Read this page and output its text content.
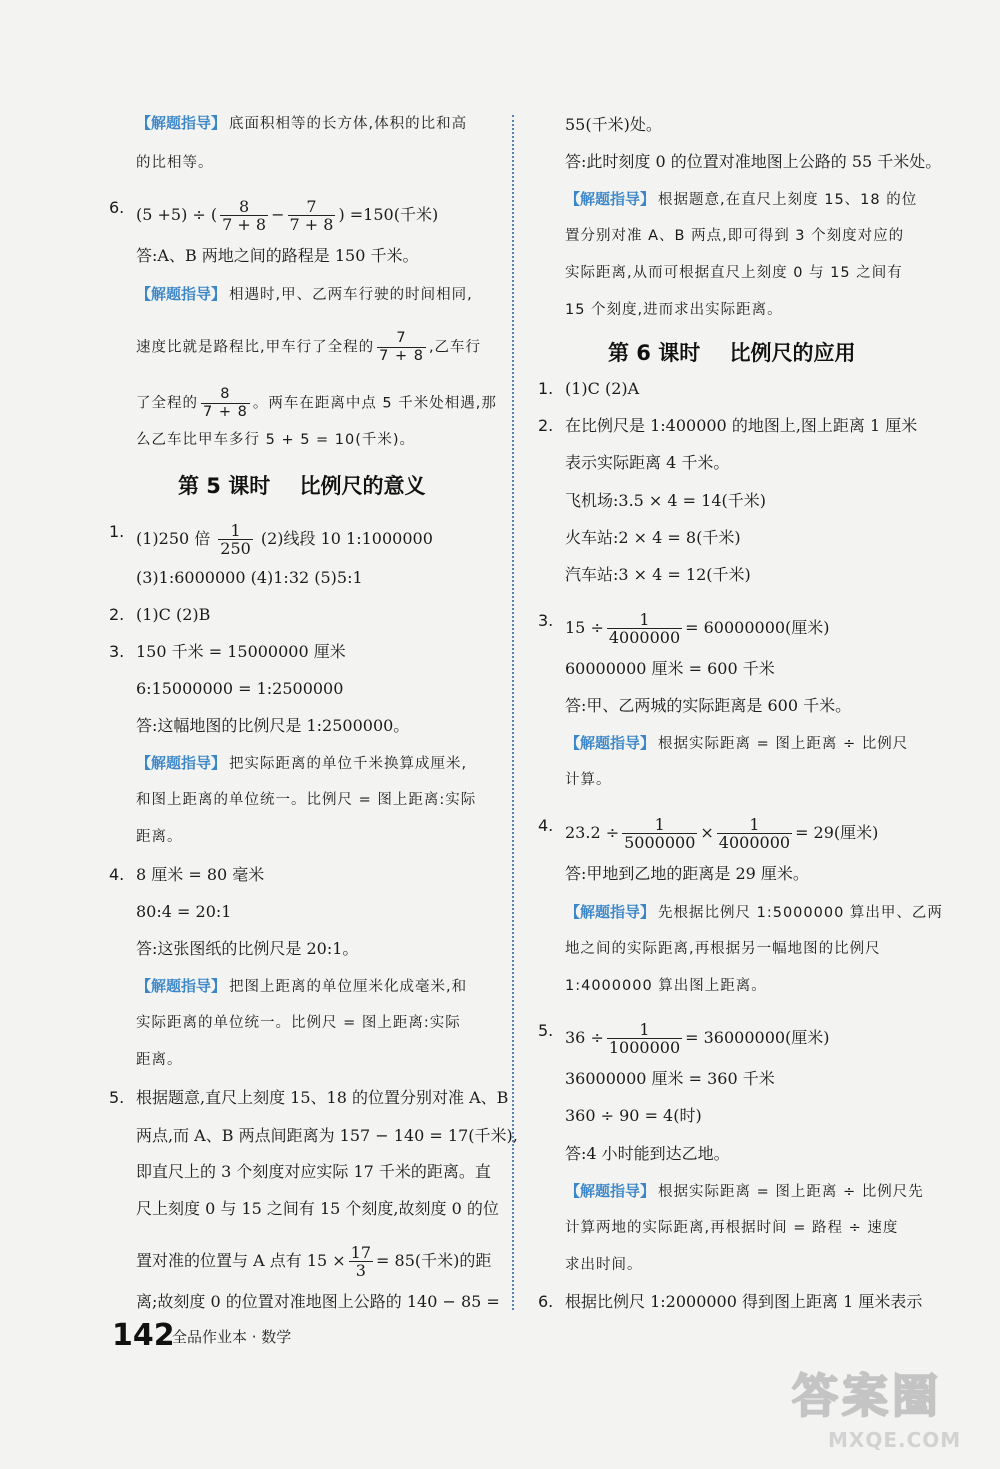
【解题指导】 底面积相等的长方体,体积的比和高
的比相等。
6. (5 +5) ÷ ( $\frac{8}{7 + 8} - \frac{7}{7 + 8}$ ) =150(千米)
答:A、B 两地之间的路程是 150 千米。
【解题指导】 相遇时,甲、乙两车行驶的时间相同,
速度比就是路程比,甲车行了全程的 $\frac{7}{7 + 8}$ ,乙车行
了全程的 $\frac{8}{7 + 8}$ 。两车在距离中点 5 千米处相遇,那
么乙车比甲车多行 5 + 5 = 10(千米)。
第 5 课时    比例尺的意义
1. (1)250 倍 $\frac{1}{250} (2)$线段 10 1:1000000
(3)1:6000000 (4)1:32 (5)5:1
2. (1)C (2)B
3. 150 千米 = 15000000 厘米
6:15000000 = 1:2500000
答:这幅地图的比例尺是 1:2500000。
【解题指导】 把实际距离的单位千米换算成厘米,
和图上距离的单位统一。比例尺 = 图上距离:实际
距离。
4. 8 厘米 = 80 毫米
80:4 = 20:1
答:这张图纸的比例尺是 20:1。
【解题指导】 把图上距离的单位厘米化成毫米,和
实际距离的单位统一。比例尺 = 图上距离:实际
距离。
5. 根据题意,直尺上刻度 15、18 的位置分别对准 A、B
两点,而 A、B 两点间距离为 157 − 140 = 17(千米),
即直尺上的 3 个刻度对应实际 17 千米的距离。直
尺上刻度 0 与 15 之间有 15 个刻度,故刻度 0 的位
置对准的位置与 A 点有 $15 \times \frac{17}{3} = 85$(千米)的距
离;故刻度 0 的位置对准地图上公路的 140 − 85 =
55(千米)处。
答:此时刻度 0 的位置对准地图上公路的 55 千米处。
【解题指导】 根据题意,在直尺上刻度 15、18 的位
置分别对准 A、B 两点,即可得到 3 个刻度对应的
实际距离,从而可根据直尺上刻度 0 与 15 之间有
15 个刻度,进而求出实际距离。
第 6 课时    比例尺的应用
1. (1)C (2)A
2. 在比例尺是 1:400000 的地图上,图上距离 1 厘米
表示实际距离 4 千米。
飞机场:3.5 × 4 = 14(千米)
火车站:2 × 4 = 8(千米)
汽车站:3 × 4 = 12(千米)
3. $15 \div \frac{1}{4000000} = 60000000$(厘米)
60000000 厘米 = 600 千米
答:甲、乙两城的实际距离是 600 千米。
【解题指导】 根据实际距离 = 图上距离 ÷ 比例尺
计算。
4. $23.2 \div \frac{1}{5000000} \times \frac{1}{4000000} = 29$(厘米)
答:甲地到乙地的距离是 29 厘米。
【解题指导】 先根据比例尺 1:5000000 算出甲、乙两
地之间的实际距离,再根据另一幅地图的比例尺
1:4000000 算出图上距离。
5. $36 \div \frac{1}{1000000} = 36000000$(厘米)
36000000 厘米 = 360 千米
360 ÷ 90 = 4(时)
答:4 小时能到达乙地。
【解题指导】 根据实际距离 = 图上距离 ÷ 比例尺先
计算两地的实际距离,再根据时间 = 路程 ÷ 速度
求出时间。
6. 根据比例尺 1:2000000 得到图上距离 1 厘米表示
142
全品作业本 · 数学
答案圈
MXQE.COM
